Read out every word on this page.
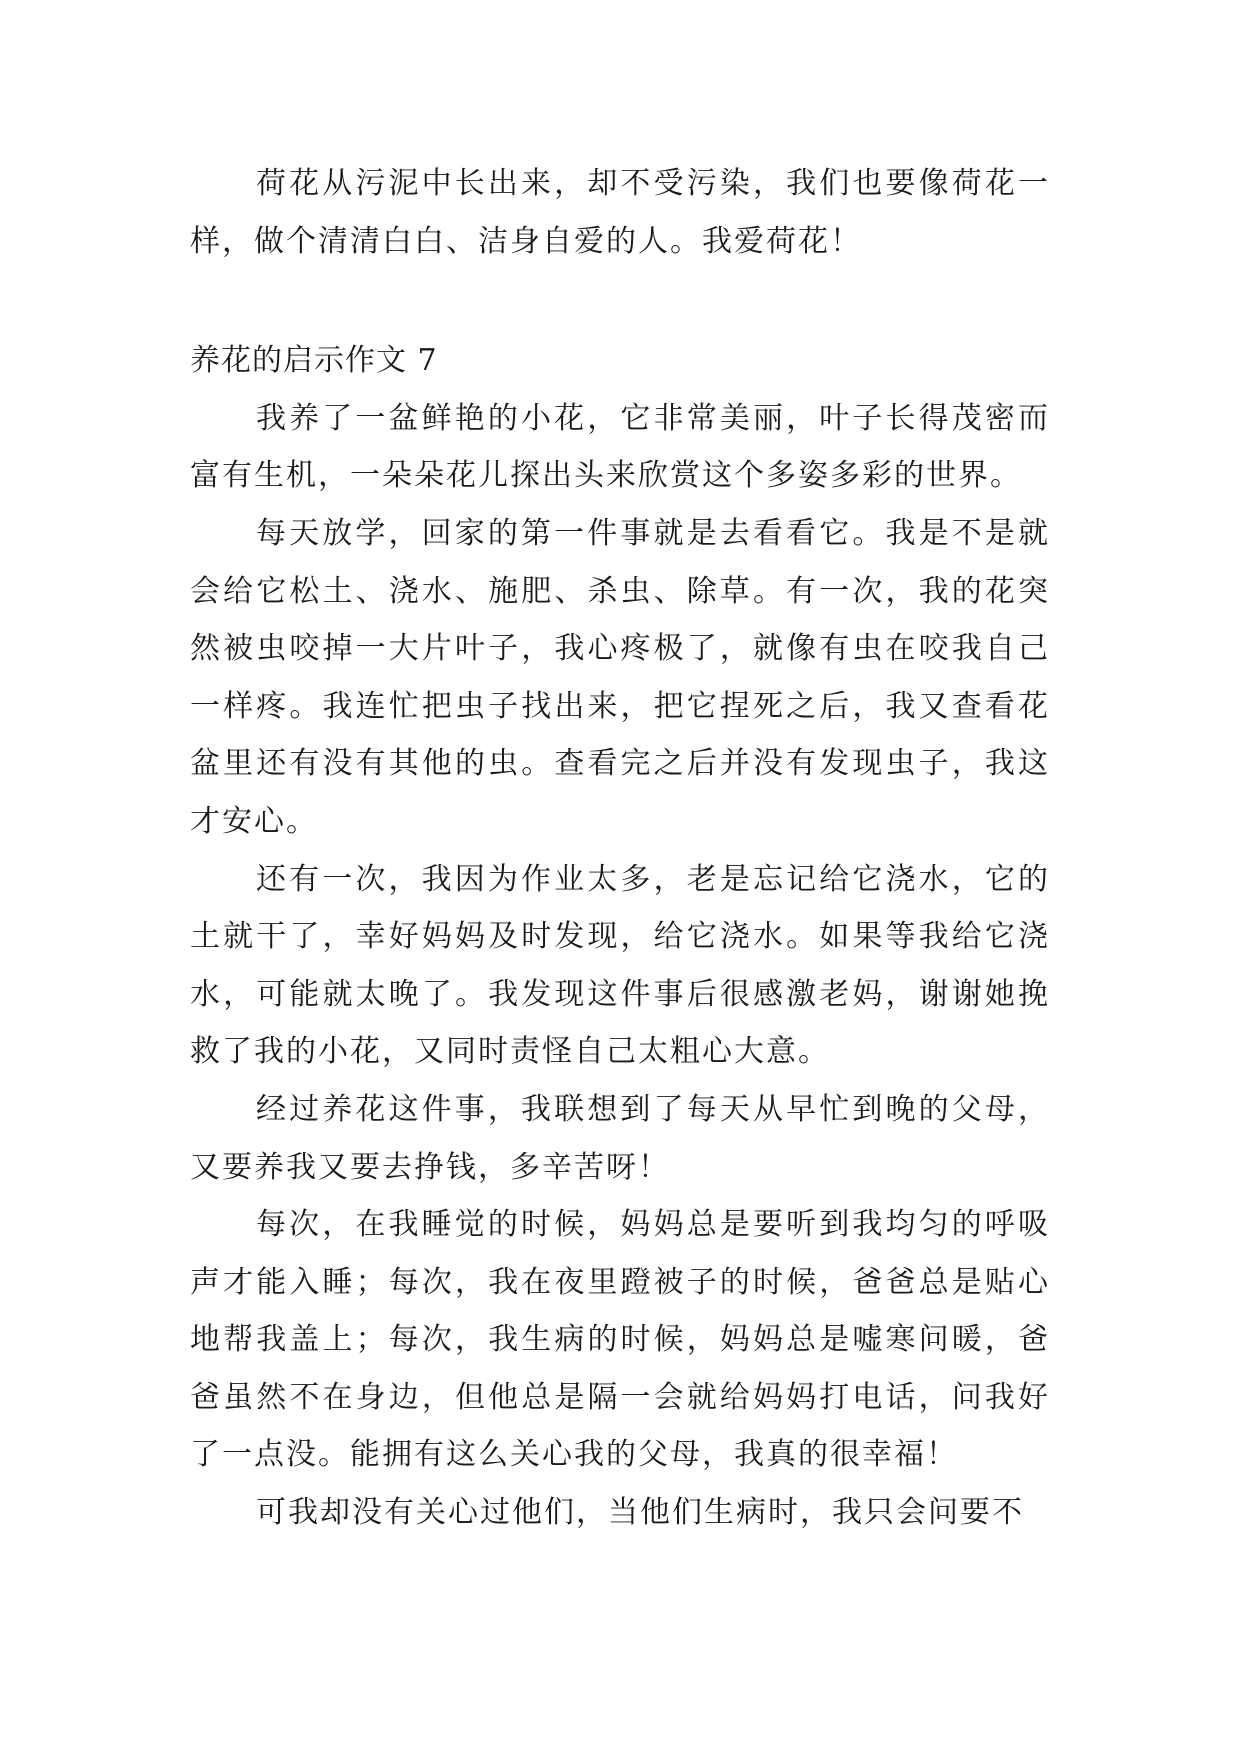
荷花从污泥中长出来，却不受污染，我们也要像荷花一样，做个清清白白、洁身自爱的人。我爱荷花！

养花的启示作文 7

我养了一盆鲜艳的小花，它非常美丽，叶子长得茂密而富有生机，一朵朵花儿探出头来欣赏这个多姿多彩的世界。

每天放学，回家的第一件事就是去看看它。我是不是就会给它松土、浇水、施肥、杀虫、除草。有一次，我的花突然被虫咬掉一大片叶子，我心疼极了，就像有虫在咬我自己一样疼。我连忙把虫子找出来，把它捏死之后，我又查看花盆里还有没有其他的虫。查看完之后并没有发现虫子，我这才安心。

还有一次，我因为作业太多，老是忘记给它浇水，它的土就干了，幸好妈妈及时发现，给它浇水。如果等我给它浇水，可能就太晚了。我发现这件事后很感激老妈，谢谢她挽救了我的小花，又同时责怪自己太粗心大意。

经过养花这件事，我联想到了每天从早忙到晚的父母，又要养我又要去挣钱，多辛苦呀！

每次，在我睡觉的时候，妈妈总是要听到我均匀的呼吸声才能入睡；每次，我在夜里蹬被子的时候，爸爸总是贴心地帮我盖上；每次，我生病的时候，妈妈总是嘘寒问暖，爸爸虽然不在身边，但他总是隔一会就给妈妈打电话，问我好了一点没。能拥有这么关心我的父母，我真的很幸福！

可我却没有关心过他们，当他们生病时，我只会问要不
